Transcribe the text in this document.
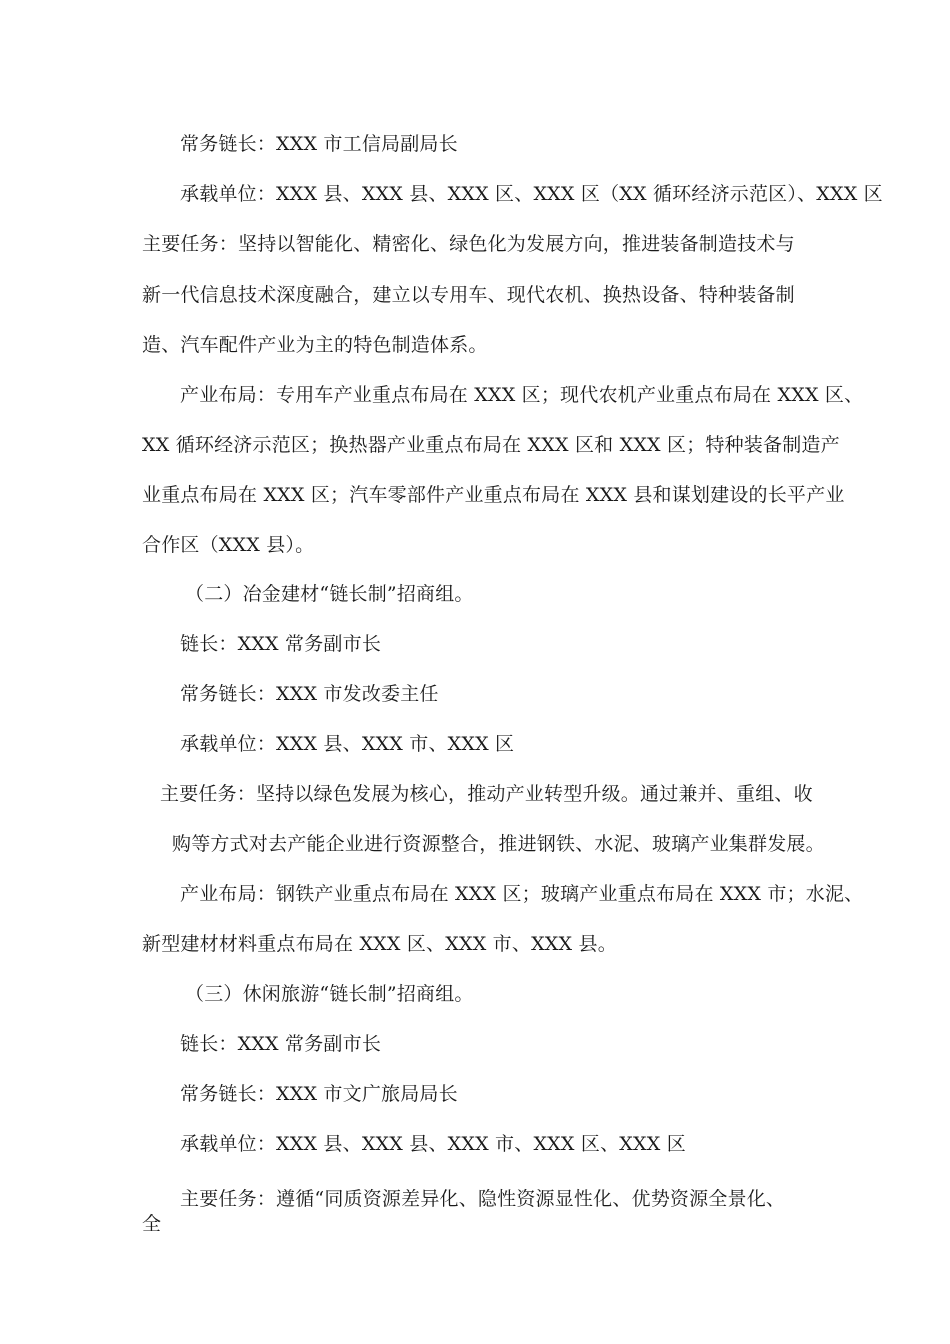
常务链长：XXX 市工信局副局长
承载单位：XXX 县、XXX 县、XXX 区、XXX 区（XX 循环经济示范区）、XXX 区
主要任务：坚持以智能化、精密化、绿色化为发展方向，推进装备制造技术与
新一代信息技术深度融合，建立以专用车、现代农机、换热设备、特种装备制
造、汽车配件产业为主的特色制造体系。
产业布局：专用车产业重点布局在 XXX 区；现代农机产业重点布局在 XXX 区、
XX 循环经济示范区；换热器产业重点布局在 XXX 区和 XXX 区；特种装备制造产
业重点布局在 XXX 区；汽车零部件产业重点布局在 XXX 县和谋划建设的长平产业
合作区（XXX 县）。
（二）冶金建材“链长制”招商组。
链长：XXX 常务副市长
常务链长：XXX 市发改委主任
承载单位：XXX 县、XXX 市、XXX 区
主要任务：坚持以绿色发展为核心，推动产业转型升级。通过兼并、重组、收
购等方式对去产能企业进行资源整合，推进钢铁、水泥、玻璃产业集群发展。
产业布局：钢铁产业重点布局在 XXX 区；玻璃产业重点布局在 XXX 市；水泥、
新型建材材料重点布局在 XXX 区、XXX 市、XXX 县。
（三）休闲旅游“链长制”招商组。
链长：XXX 常务副市长
常务链长：XXX 市文广旅局局长
承载单位：XXX 县、XXX 县、XXX 市、XXX 区、XXX 区
主要任务：遵循“同质资源差异化、隐性资源显性化、优势资源全景化、
全
